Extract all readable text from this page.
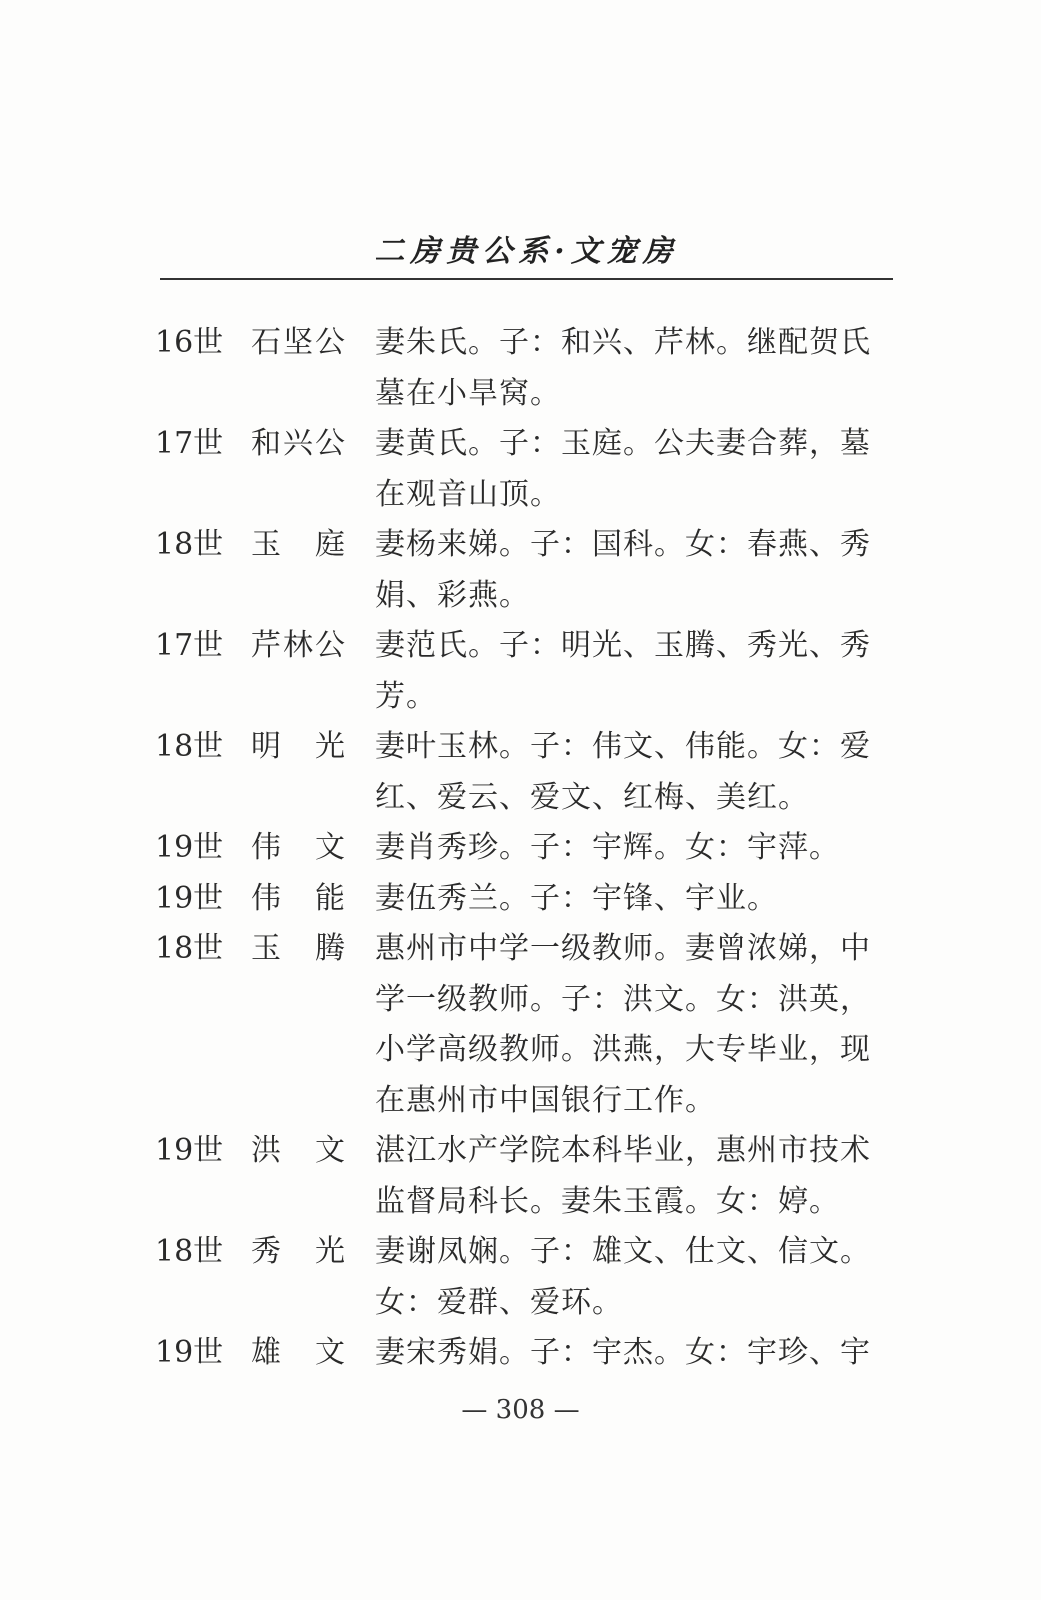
二房贵公系·文宠房
16世 石坚公	妻朱氏。子：和兴、芹林。继配贺氏墓在小旱窝。
17世 和兴公	妻黄氏。子：玉庭。公夫妻合葬，墓在观音山顶。
18世 玉 庭	妻杨来娣。子：国科。女：春燕、秀娟、彩燕。
17世 芹林公	妻范氏。子：明光、玉腾、秀光、秀芳。
18世 明 光	妻叶玉林。子：伟文、伟能。女：爱红、爱云、爱文、红梅、美红。
19世 伟 文	妻肖秀珍。子：宇辉。女：宇萍。
19世 伟 能	妻伍秀兰。子：宇锋、宇业。
18世 玉 腾	惠州市中学一级教师。妻曾浓娣，中学一级教师。子：洪文。女：洪英，小学高级教师。洪燕，大专毕业，现在惠州市中国银行工作。
19世 洪 文	湛江水产学院本科毕业，惠州市技术监督局科长。妻朱玉霞。女：婷。
18世 秀 光	妻谢凤娴。子：雄文、仕文、信文。女：爱群、爱环。
19世 雄 文	妻宋秀娟。子：宇杰。女：宇珍、宇
— 308 —
